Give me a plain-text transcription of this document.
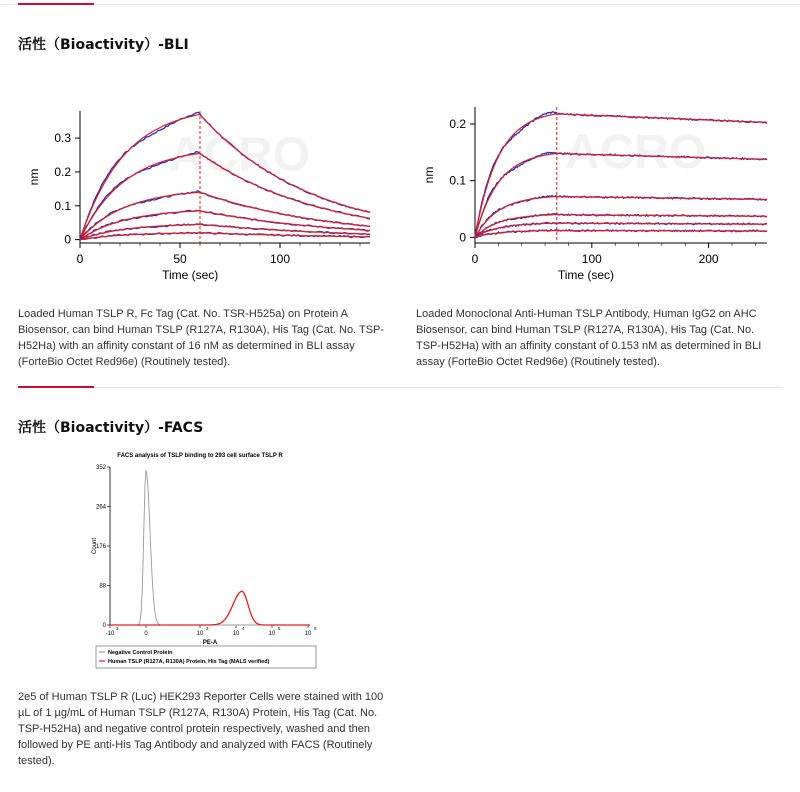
活性（Bioactivity）-BLI
0
0.1
0.2
0.3
0	50	100
Time (sec)
nm	ACRO
0
0.1
0.2
0	100	200
Time (sec)
nm	ACRO
Loaded Human TSLP R, Fc Tag (Cat. No. TSR-H525a) on Protein A Biosensor, can bind Human TSLP (R127A, R130A), His Tag (Cat. No. TSP-H52Ha) with an affinity constant of 16 nM as determined in BLI assay (ForteBio Octet Red96e) (Routinely tested).
Loaded Monoclonal Anti-Human TSLP Antibody, Human IgG2 on AHC Biosensor, can bind Human TSLP (R127A, R130A), His Tag (Cat. No. TSP-H52Ha) with an affinity constant of 0.153 nM as determined in BLI assay (ForteBio Octet Red96e) (Routinely tested).
活性（Bioactivity）-FACS
FACS analysis of TSLP binding to 293 cell surface TSLP R
352
264
176
88
0
Count
-10
3
0	10
3
10
4
10
5
10
6
PE-A
Negative Control Protein
Human TSLP (R127A, R130A) Protein, His Tag (MALS verified)
2e5 of Human TSLP R (Luc) HEK293 Reporter Cells were stained with 100 µL of 1 µg/mL of Human TSLP (R127A, R130A) Protein, His Tag (Cat. No. TSP-H52Ha) and negative control protein respectively, washed and then followed by PE anti-His Tag Antibody and analyzed with FACS (Routinely tested).
